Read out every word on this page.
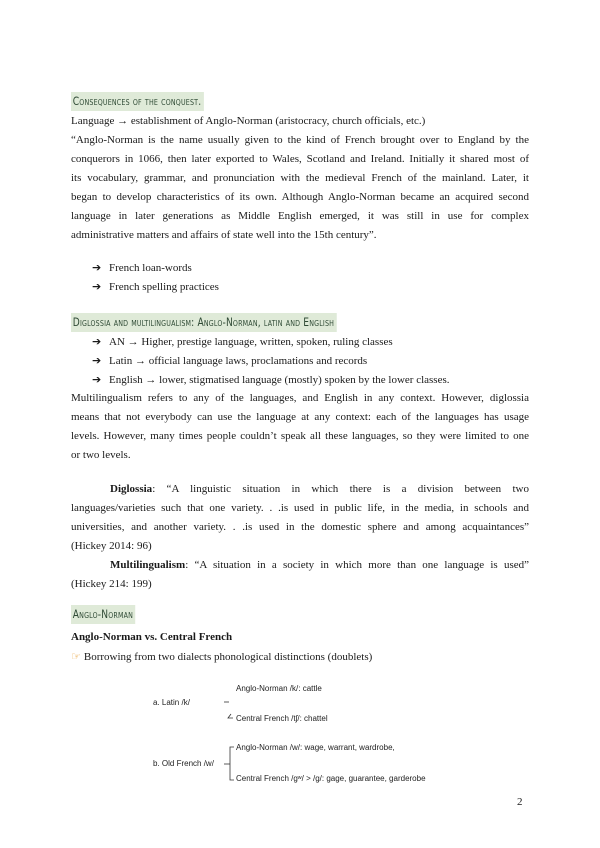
Consequences of the conquest.
Language → establishment of Anglo-Norman (aristocracy, church officials, etc.)
“Anglo-Norman is the name usually given to the kind of French brought over to England by the
conquerors in 1066, then later exported to Wales, Scotland and Ireland. Initially it shared most of
its vocabulary, grammar, and pronunciation with the medieval French of the mainland. Later, it
began to develop characteristics of its own. Although Anglo-Norman became an acquired second
language in later generations as Middle English emerged, it was still in use for complex
administrative matters and affairs of state well into the 15th century”.
➔ French loan-words
➔ French spelling practices
Diglossia and multilingualism: Anglo-Norman, latin and English
➔ AN → Higher, prestige language, written, spoken, ruling classes
➔ Latin → official language laws, proclamations and records
➔ English → lower, stigmatised language (mostly) spoken by the lower classes.
Multilingualism refers to any of the languages, and English in any context. However, diglossia
means that not everybody can use the language at any context: each of the languages has usage
levels. However, many times people couldn’t speak all these languages, so they were limited to one
or two levels.
Diglossia: “A linguistic situation in which there is a division between two
languages/varieties such that one variety. . .is used in public life, in the media, in schools and
universities, and another variety. . .is used in the domestic sphere and among acquaintances”
(Hickey 2014: 96)
Multilingualism: “A situation in a society in which more than one language is used”
(Hickey 214: 199)
Anglo-Norman
Anglo-Norman vs. Central French
☞ Borrowing from two dialects phonological distinctions (doublets)
Anglo-Norman /k/: cattle
a. Latin /k/
Central French /tʃ/: chattel
Anglo-Norman /w/: wage, warrant, wardrobe,
b. Old French /w/
Central French /gʷ/ > /g/: gage, guarantee, garderobe
2
